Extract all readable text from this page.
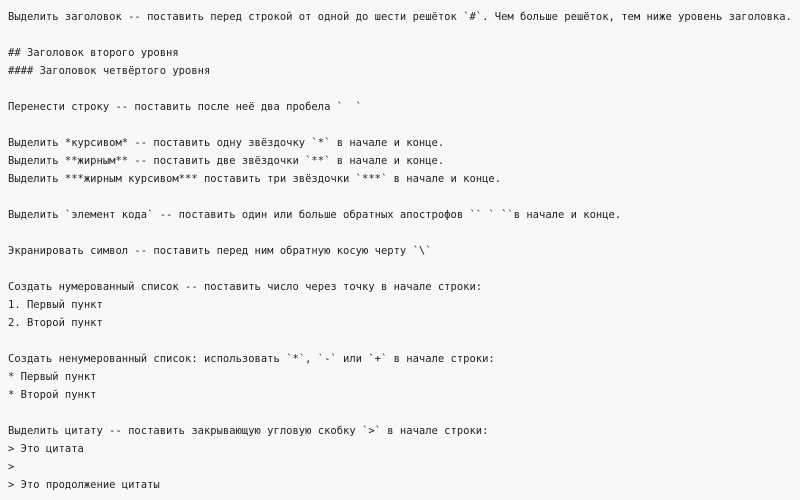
Выделить заголовок -- поставить перед строкой от одной до шести решёток `#`. Чем больше решёток, тем ниже уровень заголовка.
## Заголовок второго уровня
#### Заголовок четвёртого уровня
Перенести строку -- поставить после неё два пробела `  `
Выделить *курсивом* -- поставить одну звёздочку `*` в начале и конце.
Выделить **жирным** -- поставить две звёздочки `**` в начале и конце.
Выделить ***жирным курсивом*** поставить три звёздочки `***` в начале и конце.
Выделить `элемент кода` -- поставить один или больше обратных апострофов `` ` ``в начале и конце.
Экранировать символ -- поставить перед ним обратную косую черту `\`
Создать нумерованный список -- поставить число через точку в начале строки:
1. Первый пункт
2. Второй пункт
Создать ненумерованный список: использовать `*`, `-` или `+` в начале строки:
* Первый пункт
* Второй пункт
Выделить цитату -- поставить закрывающую угловую скобку `>` в начале строки:
> Это цитата
>
> Это продолжение цитаты
